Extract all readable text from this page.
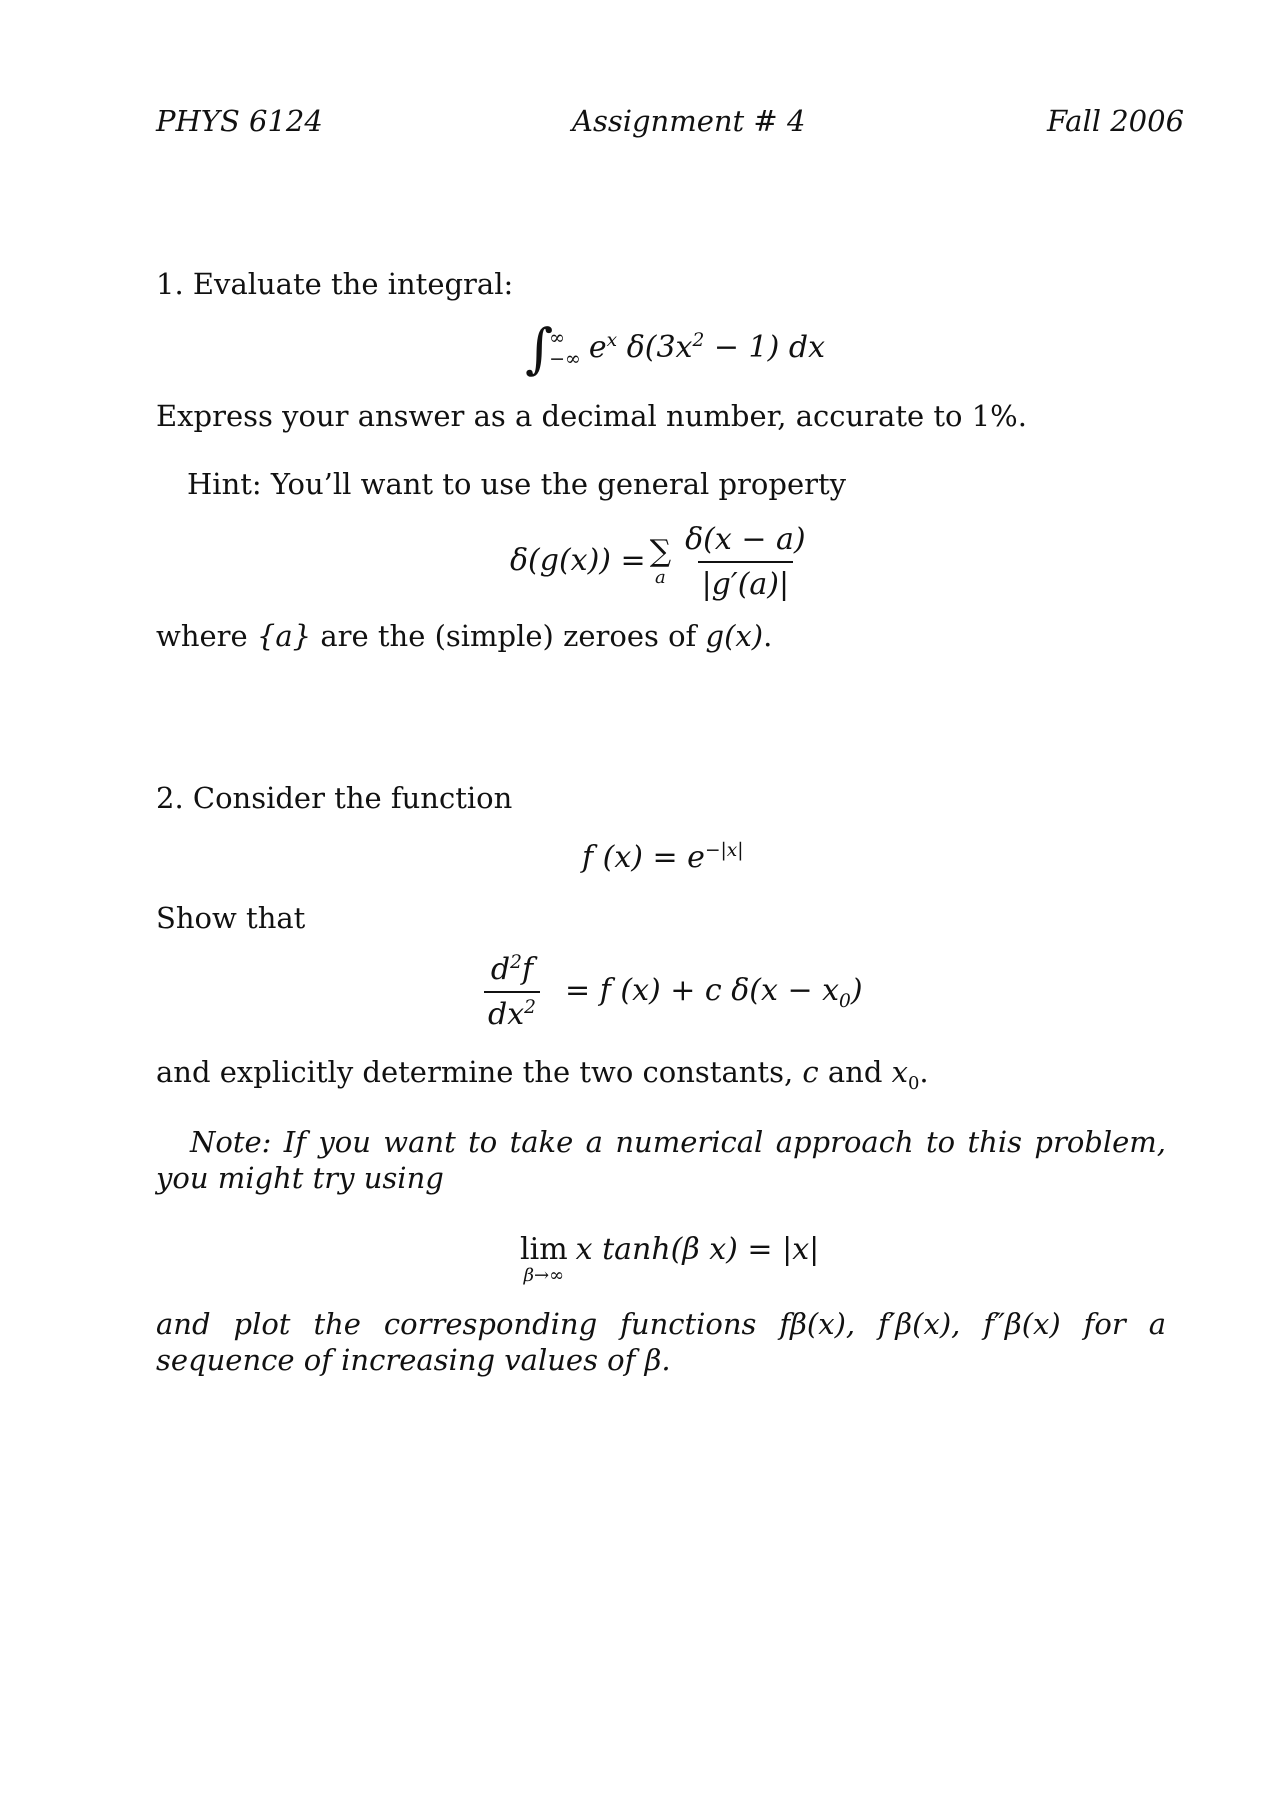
PHYS 6124	Assignment # 4	Fall 2006
1. Evaluate the integral:
∫
∞
−∞ $e^x$ $\delta(3x^2 - 1)$ dx
Express your answer as a decimal number, accurate to 1%.
Hint: You’ll want to use the general property
δ(g(x)) = ∑
a $\frac{\delta(x - a)}{|g'(a)|}$
where {a} are the (simple) zeroes of g(x).
2. Consider the function
f $(x) = e^{-|x|}$
Show that
$\frac{d^2f}{dx^2} = f$ (x) + c $\delta(x - x_0)$
and explicitly determine the two constants, c and $x_0$.
Note: If you want to take a numerical approach to this problem, you might try using
lim
β→∞
x tanh(β x) = |x|
and plot the corresponding functions fβ(x), f′β(x), f″β(x) for a sequence of increasing values of β.
